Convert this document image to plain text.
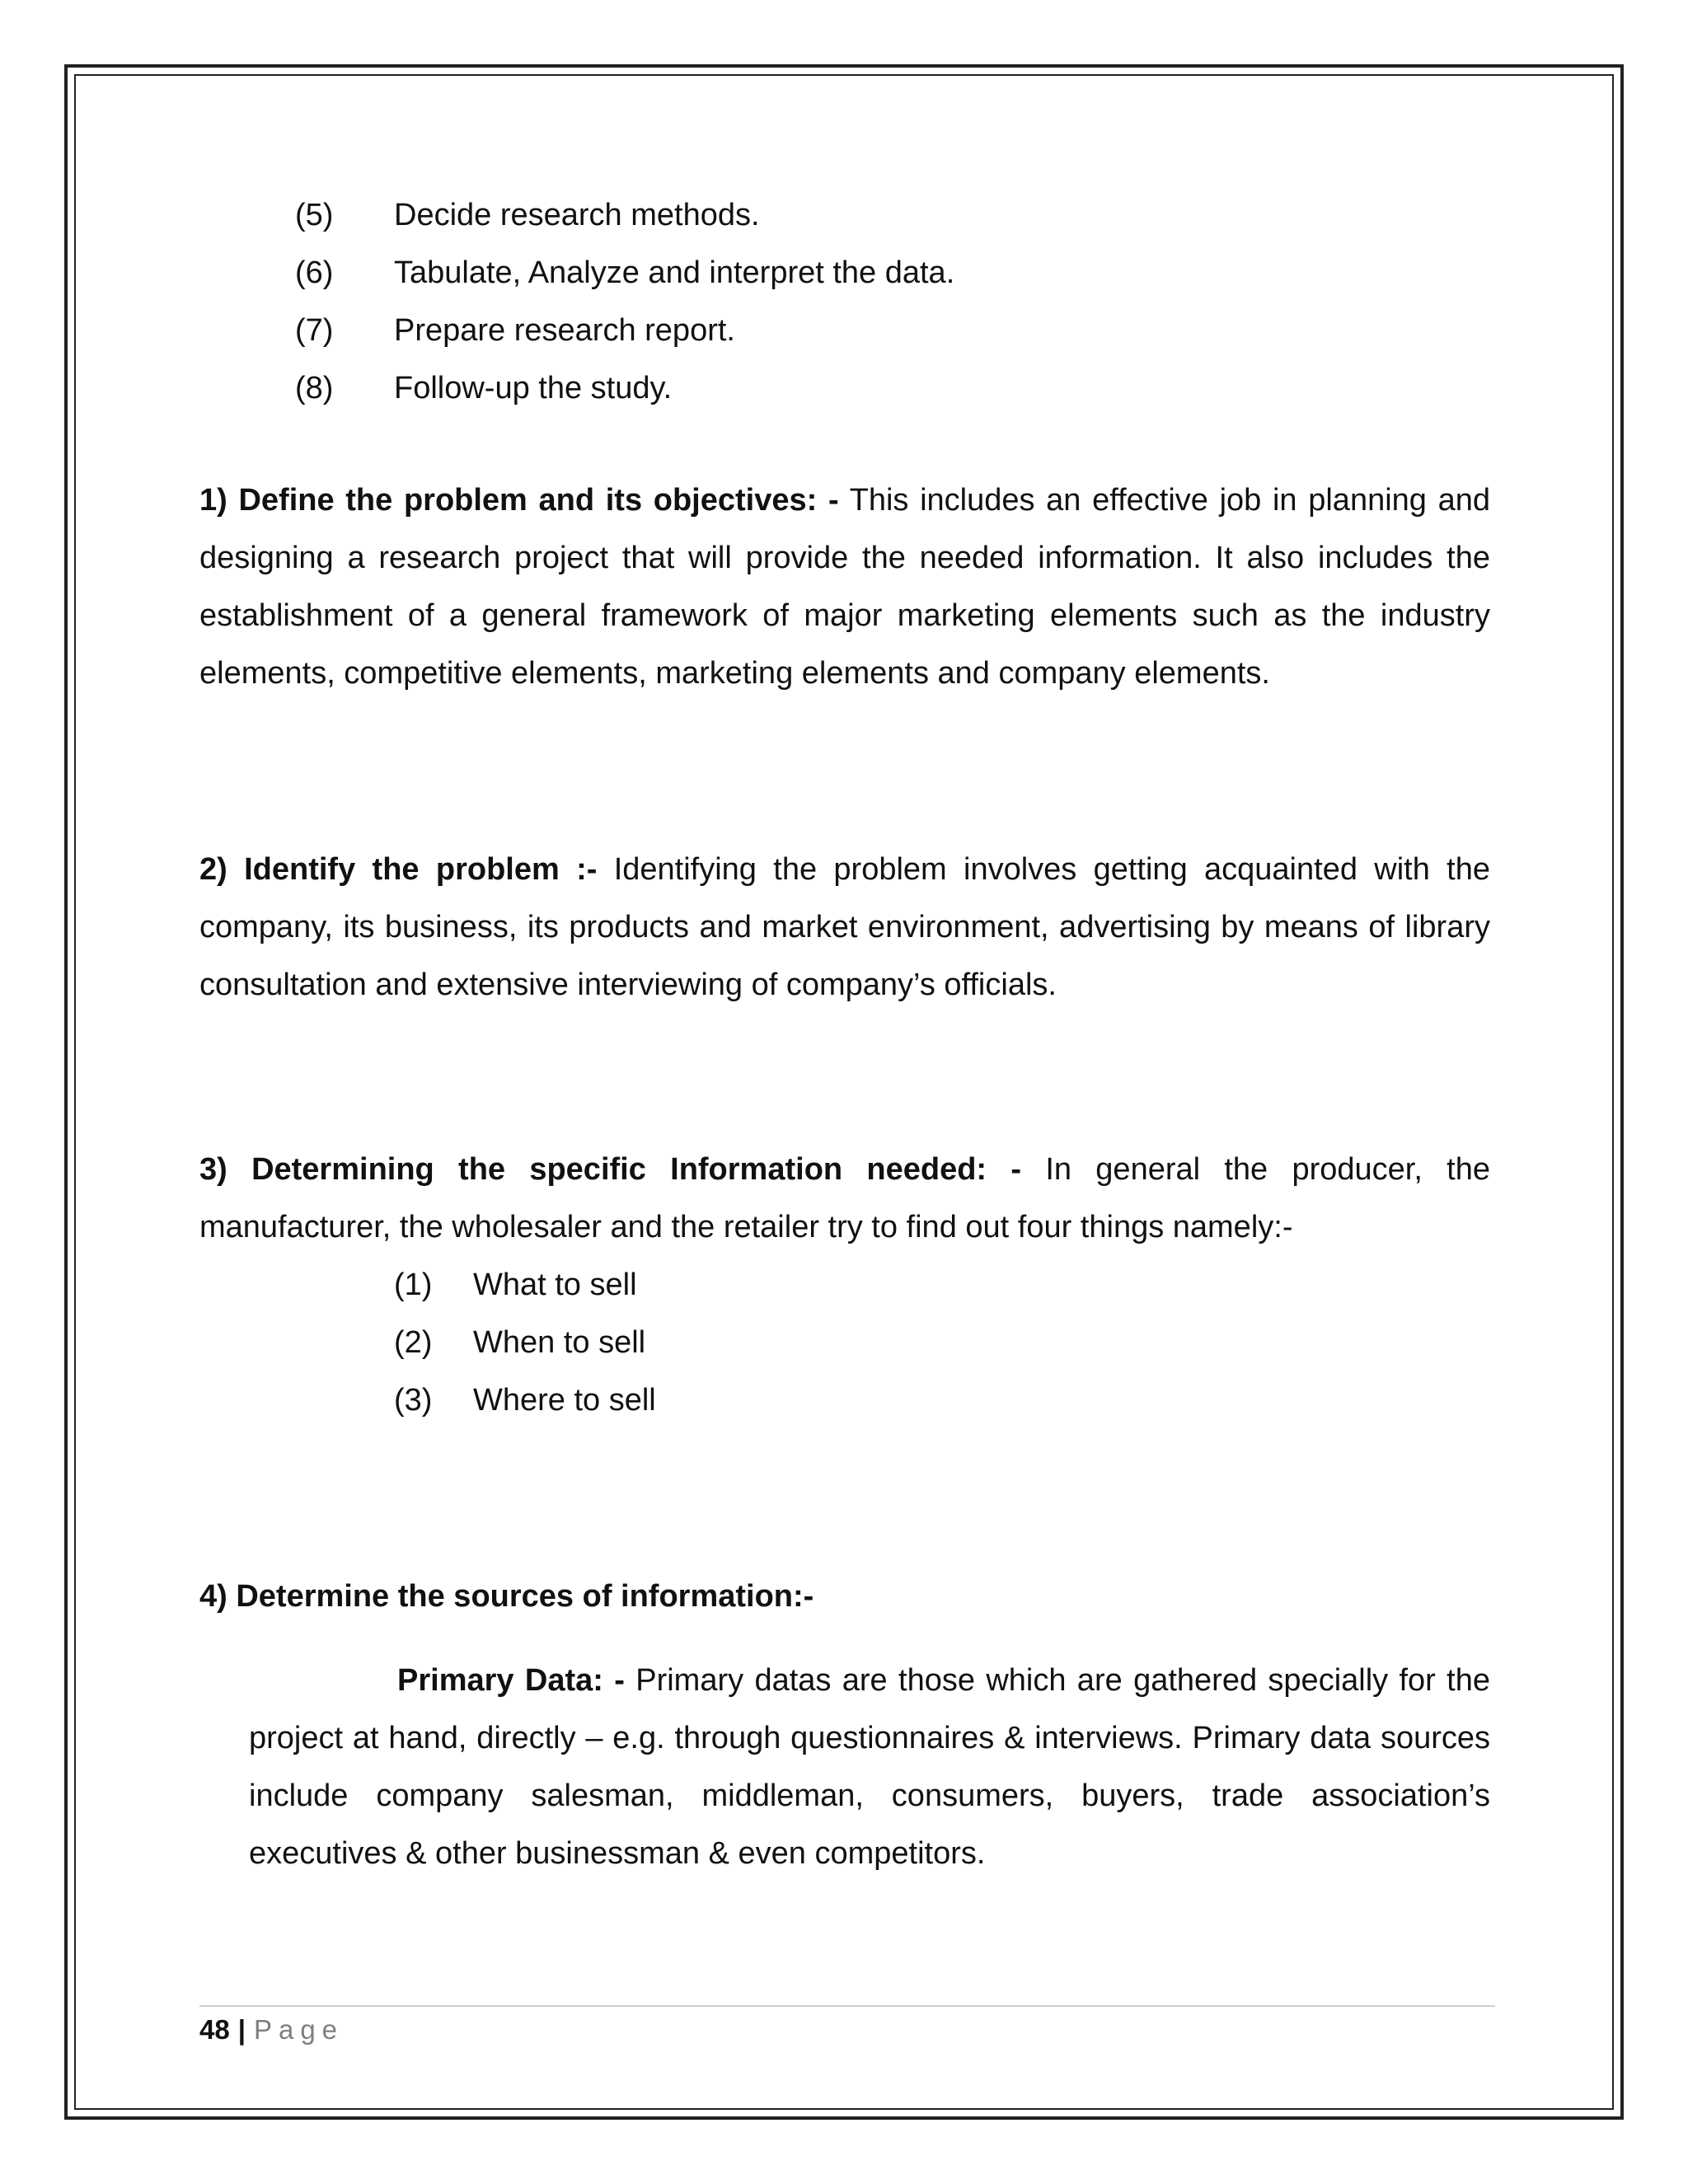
(5) Decide research methods.
(6) Tabulate, Analyze and interpret the data.
(7) Prepare research report.
(8) Follow-up the study.
1) Define the problem and its objectives: - This includes an effective job in planning and designing a research project that will provide the needed information. It also includes the establishment of a general framework of major marketing elements such as the industry elements, competitive elements, marketing elements and company elements.
2) Identify the problem :- Identifying the problem involves getting acquainted with the company, its business, its products and market environment, advertising by means of library consultation and extensive interviewing of company’s officials.
3) Determining the specific Information needed: - In general the producer, the manufacturer, the wholesaler and the retailer try to find out four things namely:-
(1) What to sell
(2) When to sell
(3) Where to sell
4) Determine the sources of information:-
Primary Data: - Primary datas are those which are gathered specially for the project at hand, directly – e.g. through questionnaires & interviews. Primary data sources include company salesman, middleman, consumers, buyers, trade association’s executives & other businessman & even competitors.
48 | Page
